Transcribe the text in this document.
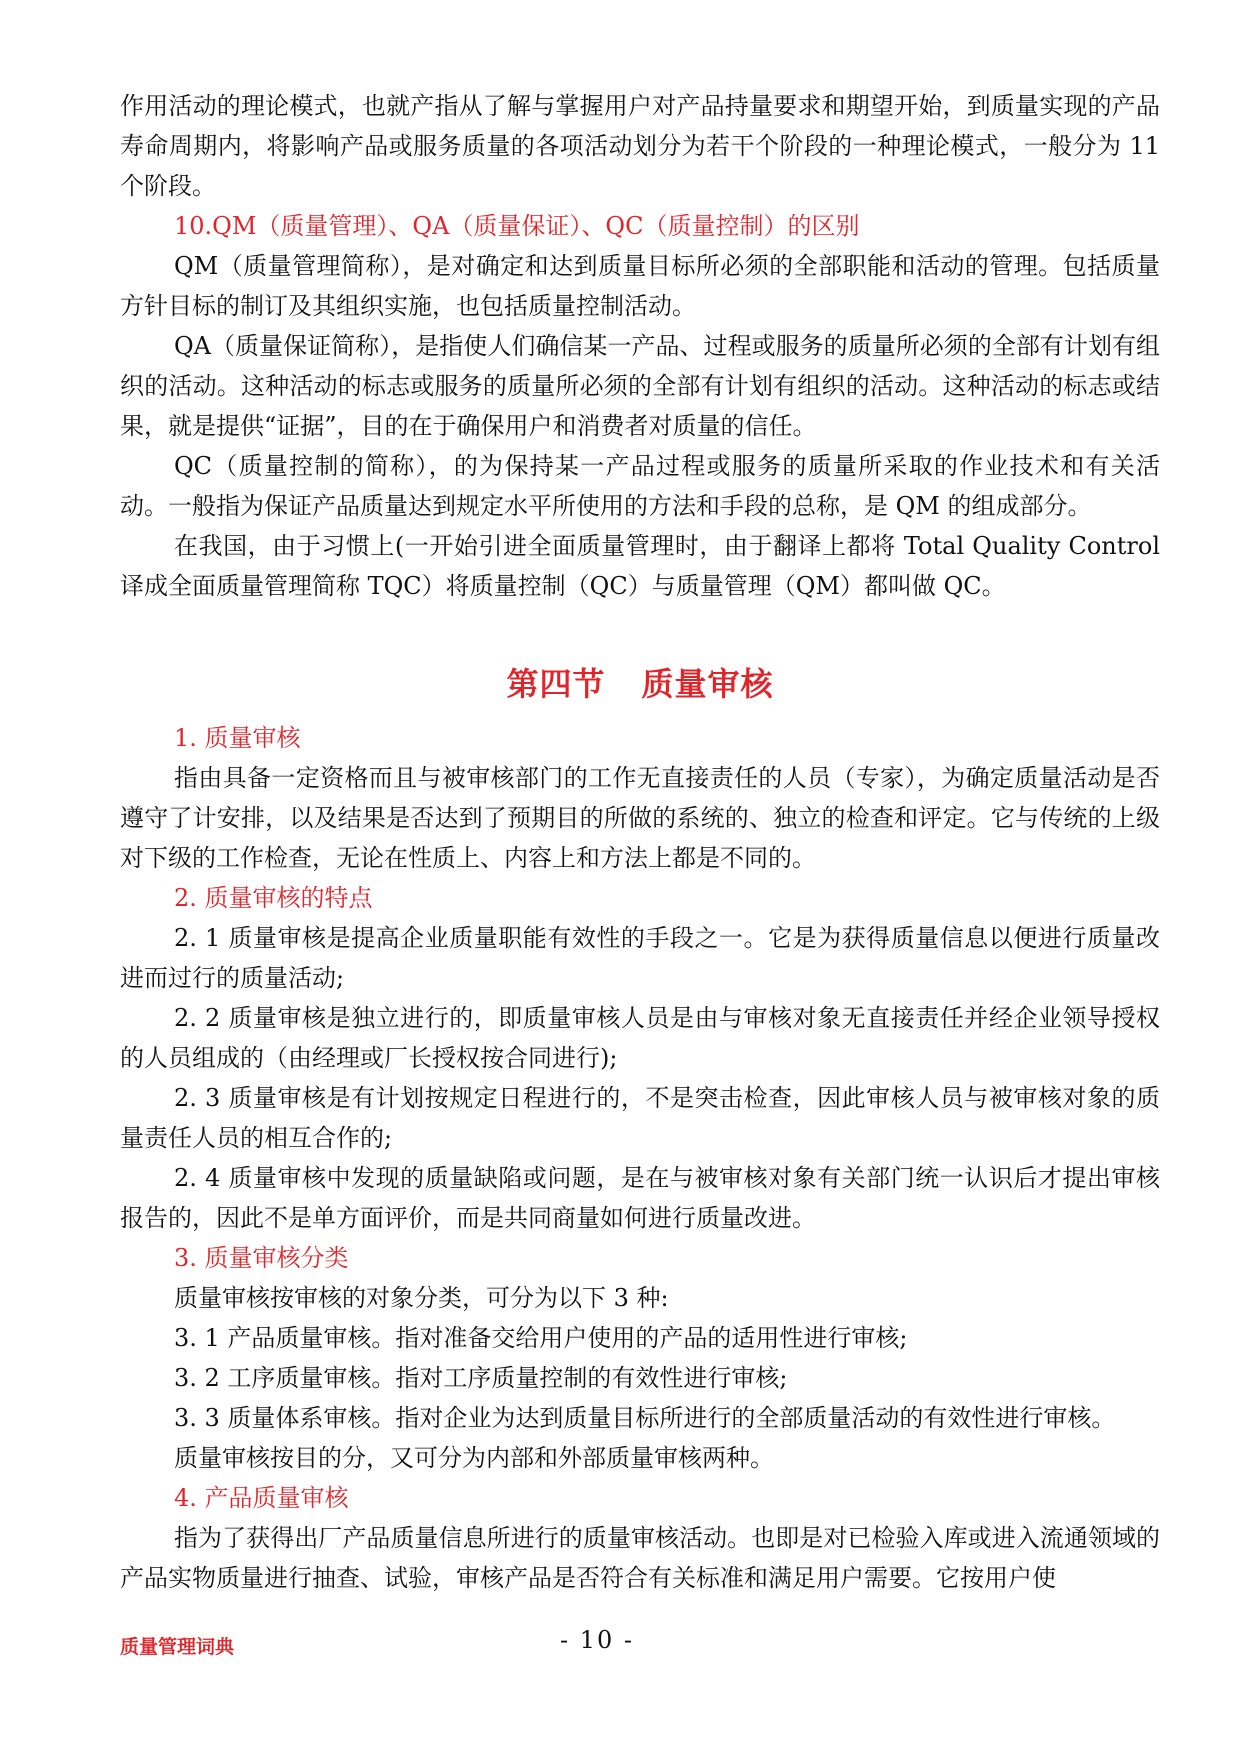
作用活动的理论模式，也就产指从了解与掌握用户对产品持量要求和期望开始，到质量实现的产品寿命周期内，将影响产品或服务质量的各项活动划分为若干个阶段的一种理论模式，一般分为 11 个阶段。

10.QM（质量管理）、QA（质量保证）、QC（质量控制）的区别

QM（质量管理简称），是对确定和达到质量目标所必须的全部职能和活动的管理。包括质量方针目标的制订及其组织实施，也包括质量控制活动。

QA（质量保证简称），是指使人们确信某一产品、过程或服务的质量所必须的全部有计划有组织的活动。这种活动的标志或服务的质量所必须的全部有计划有组织的活动。这种活动的标志或结果，就是提供“证据”，目的在于确保用户和消费者对质量的信任。

QC（质量控制的简称），的为保持某一产品过程或服务的质量所采取的作业技术和有关活动。一般指为保证产品质量达到规定水平所使用的方法和手段的总称，是 QM 的组成部分。

在我国，由于习惯上(一开始引进全面质量管理时，由于翻译上都将 Total Quality Control 译成全面质量管理简称 TQC）将质量控制（QC）与质量管理（QM）都叫做 QC。

第四节 质量审核

1. 质量审核

指由具备一定资格而且与被审核部门的工作无直接责任的人员（专家），为确定质量活动是否遵守了计安排，以及结果是否达到了预期目的所做的系统的、独立的检查和评定。它与传统的上级对下级的工作检查，无论在性质上、内容上和方法上都是不同的。

2. 质量审核的特点

2. 1 质量审核是提高企业质量职能有效性的手段之一。它是为获得质量信息以便进行质量改进而过行的质量活动;

2. 2 质量审核是独立进行的，即质量审核人员是由与审核对象无直接责任并经企业领导授权的人员组成的（由经理或厂长授权按合同进行);

2. 3 质量审核是有计划按规定日程进行的，不是突击检查，因此审核人员与被审核对象的质量责任人员的相互合作的;

2. 4 质量审核中发现的质量缺陷或问题，是在与被审核对象有关部门统一认识后才提出审核报告的，因此不是单方面评价，而是共同商量如何进行质量改进。

3. 质量审核分类

质量审核按审核的对象分类，可分为以下 3 种:

3. 1 产品质量审核。指对准备交给用户使用的产品的适用性进行审核;

3. 2 工序质量审核。指对工序质量控制的有效性进行审核;

3. 3 质量体系审核。指对企业为达到质量目标所进行的全部质量活动的有效性进行审核。

质量审核按目的分，又可分为内部和外部质量审核两种。

4. 产品质量审核

指为了获得出厂产品质量信息所进行的质量审核活动。也即是对已检验入库或进入流通领域的产品实物质量进行抽查、试验，审核产品是否符合有关标准和满足用户需要。它按用户使

质量管理词典	- 10 -
